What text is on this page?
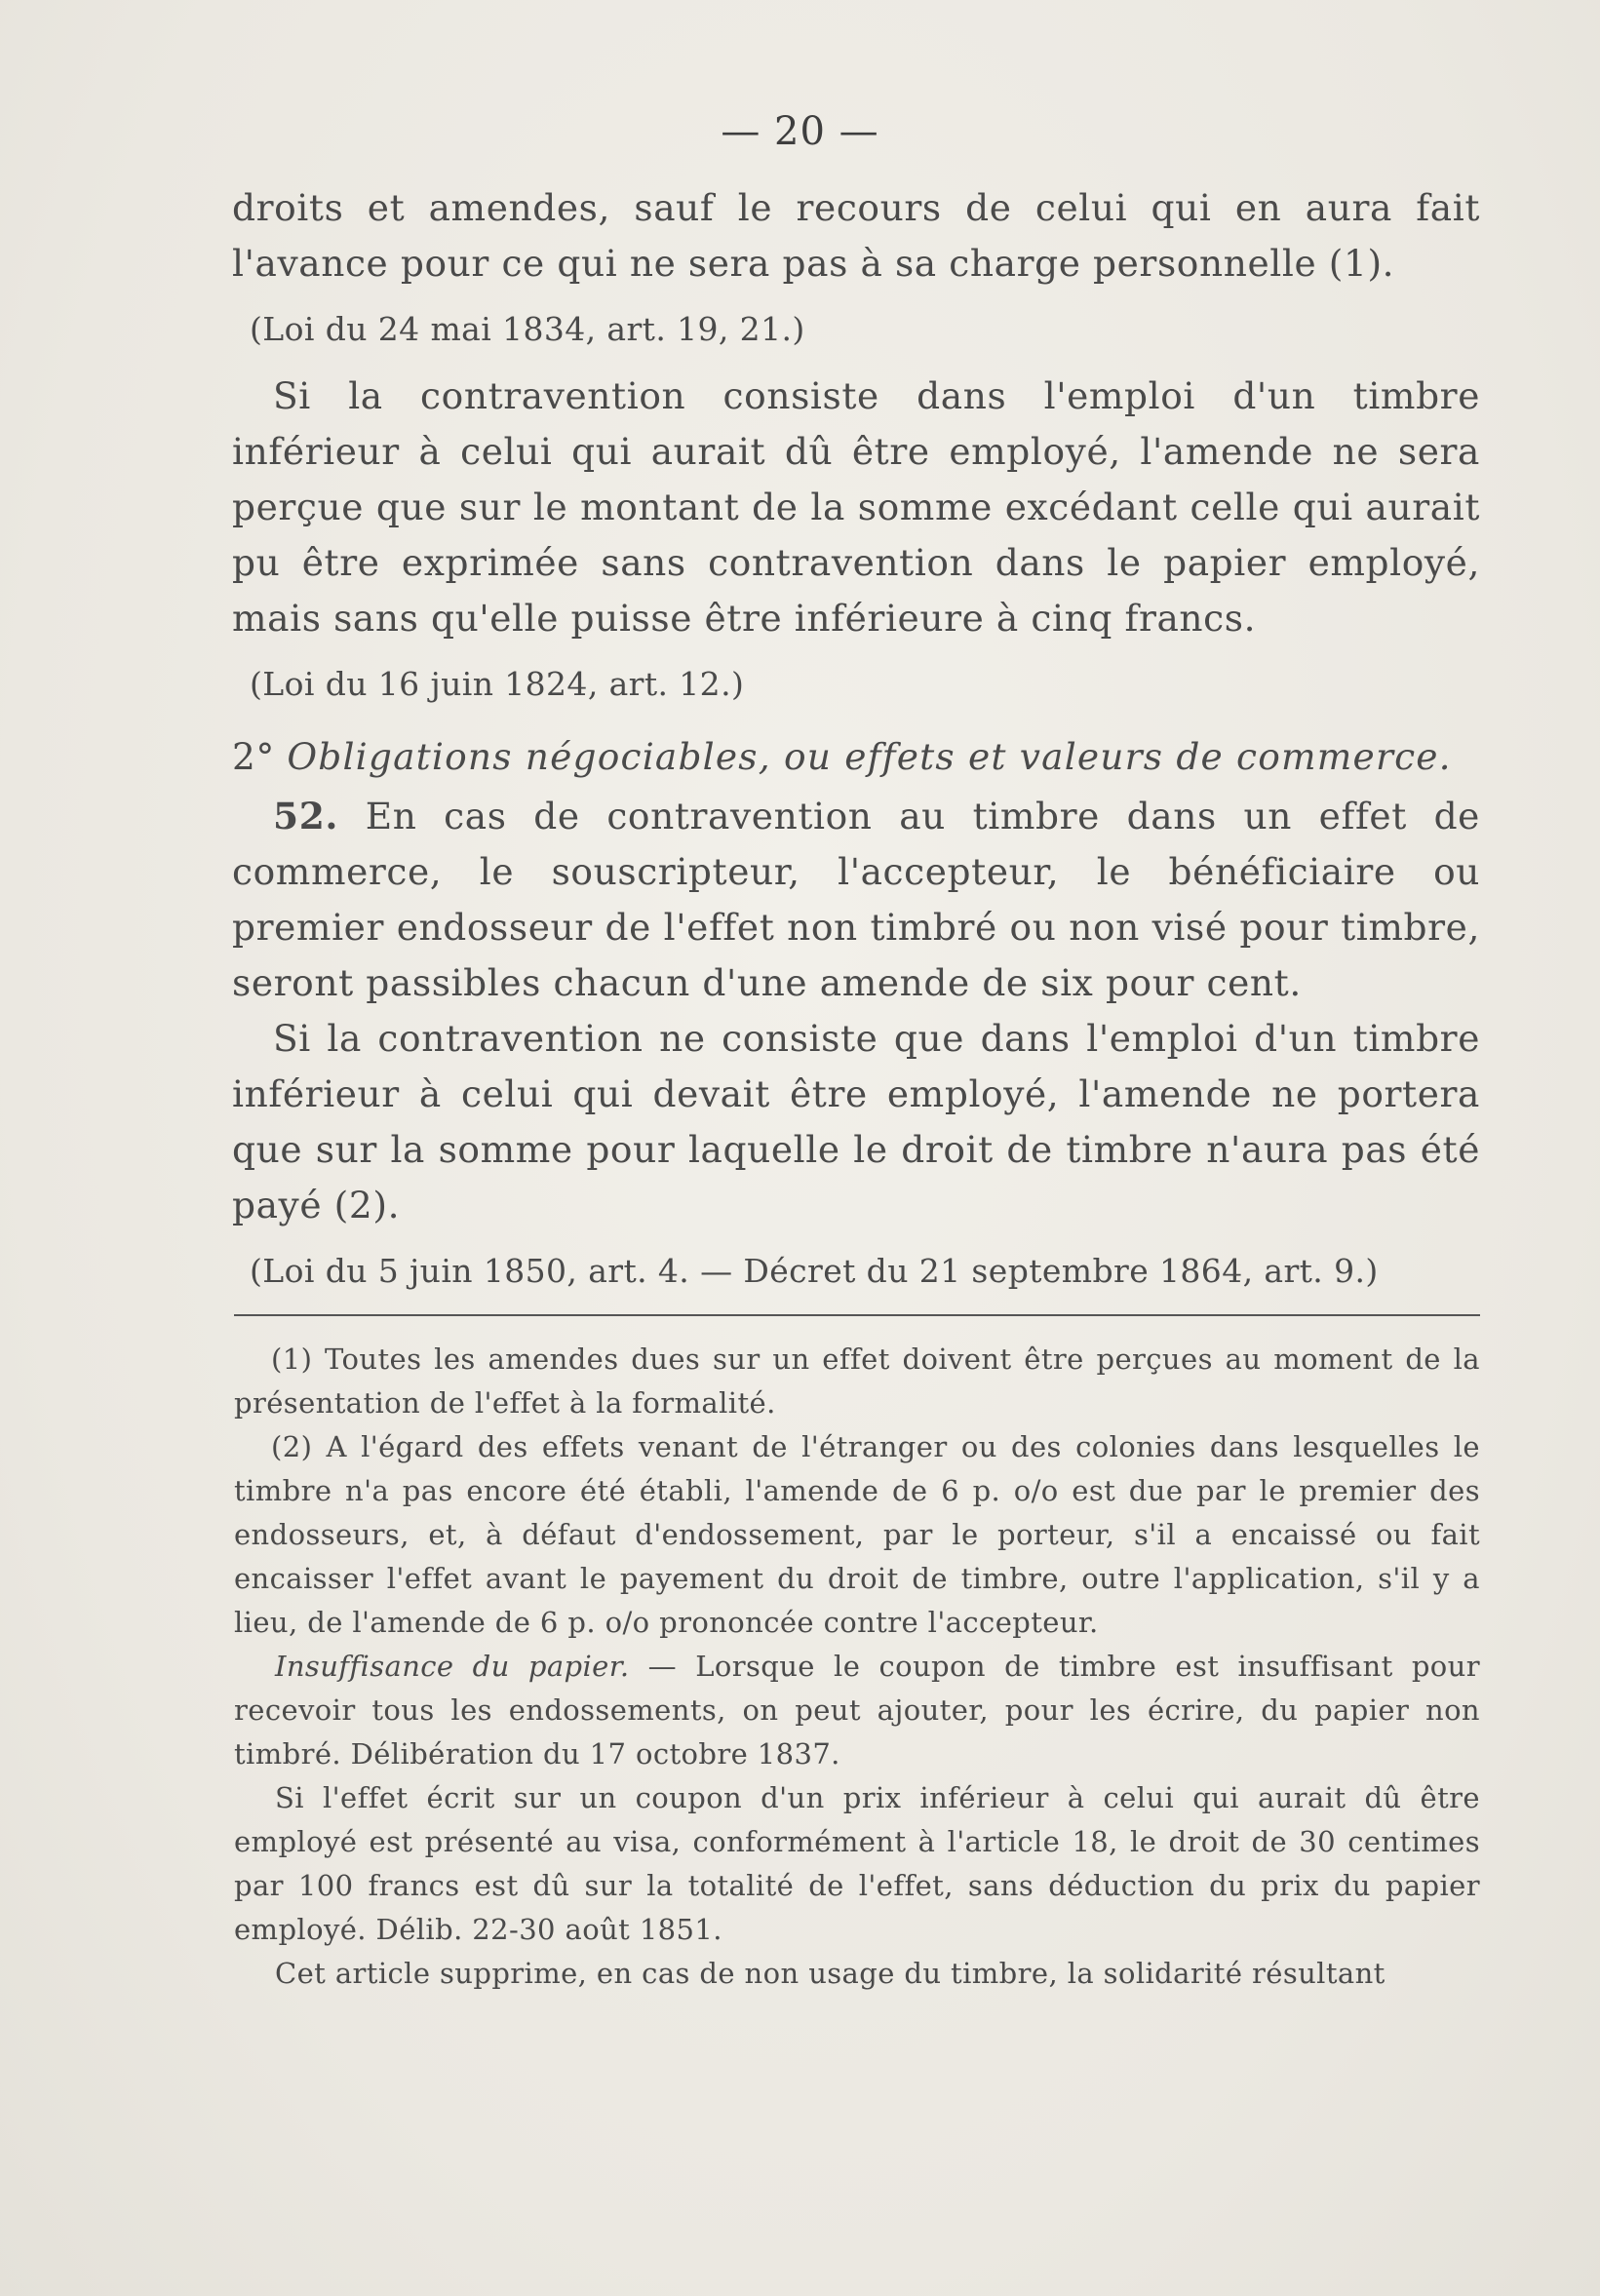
— 20 —

droits et amendes, sauf le recours de celui qui en aura fait l'avance pour ce qui ne sera pas à sa charge personnelle (1).

(Loi du 24 mai 1834, art. 19, 21.)

Si la contravention consiste dans l'emploi d'un timbre inférieur à celui qui aurait dû être employé, l'amende ne sera perçue que sur le montant de la somme excédant celle qui aurait pu être exprimée sans contravention dans le papier employé, mais sans qu'elle puisse être inférieure à cinq francs.

(Loi du 16 juin 1824, art. 12.)

2° Obligations négociables, ou effets et valeurs de commerce.

52. En cas de contravention au timbre dans un effet de commerce, le souscripteur, l'accepteur, le bénéficiaire ou premier endosseur de l'effet non timbré ou non visé pour timbre, seront passibles chacun d'une amende de six pour cent.

Si la contravention ne consiste que dans l'emploi d'un timbre inférieur à celui qui devait être employé, l'amende ne portera que sur la somme pour laquelle le droit de timbre n'aura pas été payé (2).

(Loi du 5 juin 1850, art. 4. — Décret du 21 septembre 1864, art. 9.)

(1) Toutes les amendes dues sur un effet doivent être perçues au moment de la présentation de l'effet à la formalité.

(2) A l'égard des effets venant de l'étranger ou des colonies dans lesquelles le timbre n'a pas encore été établi, l'amende de 6 p. o/o est due par le premier des endosseurs, et, à défaut d'endossement, par le porteur, s'il a encaissé ou fait encaisser l'effet avant le payement du droit de timbre, outre l'application, s'il y a lieu, de l'amende de 6 p. o/o prononcée contre l'accepteur.

Insuffisance du papier. — Lorsque le coupon de timbre est insuffisant pour recevoir tous les endossements, on peut ajouter, pour les écrire, du papier non timbré. Délibération du 17 octobre 1837.

Si l'effet écrit sur un coupon d'un prix inférieur à celui qui aurait dû être employé est présenté au visa, conformément à l'article 18, le droit de 30 centimes par 100 francs est dû sur la totalité de l'effet, sans déduction du prix du papier employé. Délib. 22-30 août 1851.

Cet article supprime, en cas de non usage du timbre, la solidarité résultant
